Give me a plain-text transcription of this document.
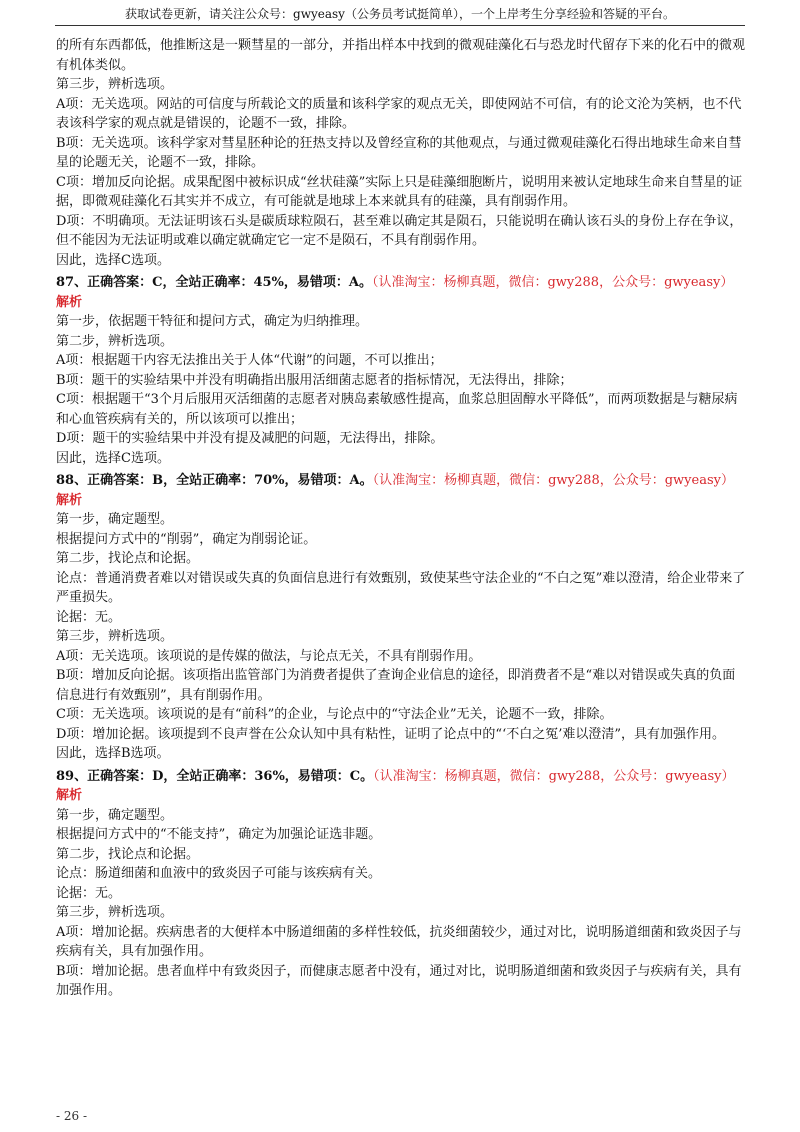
获取试卷更新，请关注公众号：gwyeasy（公务员考试挺简单），一个上岸考生分享经验和答疑的平台。

的所有东西都低，他推断这是一颗彗星的一部分，并指出样本中找到的微观硅藻化石与恐龙时代留存下来的化石中的微观有机体类似。

第三步，辨析选项。

A项：无关选项。网站的可信度与所载论文的质量和该科学家的观点无关，即使网站不可信，有的论文沦为笑柄，也不代表该科学家的观点就是错误的，论题不一致，排除。

B项：无关选项。该科学家对彗星胚种论的狂热支持以及曾经宣称的其他观点，与通过微观硅藻化石得出地球生命来自彗星的论题无关，论题不一致，排除。

C项：增加反向论据。成果配图中被标识成“丝状硅藻”实际上只是硅藻细胞断片，说明用来被认定地球生命来自彗星的证据，即微观硅藻化石其实并不成立，有可能就是地球上本来就具有的硅藻，具有削弱作用。

D项：不明确项。无法证明该石头是碳质球粒陨石，甚至难以确定其是陨石，只能说明在确认该石头的身份上存在争议，但不能因为无法证明或难以确定就确定它一定不是陨石，不具有削弱作用。

因此，选择C选项。

87、正确答案：C，全站正确率：45%，易错项：A。（认准淘宝：杨柳真题，微信：gwy288，公众号：gwyeasy）

解析

第一步，依据题干特征和提问方式，确定为归纳推理。

第二步，辨析选项。

A项：根据题干内容无法推出关于人体“代谢”的问题，不可以推出；

B项：题干的实验结果中并没有明确指出服用活细菌志愿者的指标情况，无法得出，排除；

C项：根据题干“3个月后服用灭活细菌的志愿者对胰岛素敏感性提高，血浆总胆固醇水平降低”，而两项数据是与糖尿病和心血管疾病有关的，所以该项可以推出；

D项：题干的实验结果中并没有提及减肥的问题，无法得出，排除。

因此，选择C选项。

88、正确答案：B，全站正确率：70%，易错项：A。（认准淘宝：杨柳真题，微信：gwy288，公众号：gwyeasy）

解析

第一步，确定题型。

根据提问方式中的“削弱”，确定为削弱论证。

第二步，找论点和论据。

论点：普通消费者难以对错误或失真的负面信息进行有效甄别，致使某些守法企业的“不白之冤”难以澄清，给企业带来了严重损失。

论据：无。

第三步，辨析选项。

A项：无关选项。该项说的是传媒的做法，与论点无关，不具有削弱作用。

B项：增加反向论据。该项指出监管部门为消费者提供了查询企业信息的途径，即消费者不是“难以对错误或失真的负面信息进行有效甄别”，具有削弱作用。

C项：无关选项。该项说的是有“前科”的企业，与论点中的“守法企业”无关，论题不一致，排除。

D项：增加论据。该项提到不良声誉在公众认知中具有粘性，证明了论点中的“‘不白之冤’难以澄清”，具有加强作用。

因此，选择B选项。

89、正确答案：D，全站正确率：36%，易错项：C。（认准淘宝：杨柳真题，微信：gwy288，公众号：gwyeasy）

解析

第一步，确定题型。

根据提问方式中的“不能支持”，确定为加强论证选非题。

第二步，找论点和论据。

论点：肠道细菌和血液中的致炎因子可能与该疾病有关。

论据：无。

第三步，辨析选项。

A项：增加论据。疾病患者的大便样本中肠道细菌的多样性较低，抗炎细菌较少，通过对比，说明肠道细菌和致炎因子与疾病有关，具有加强作用。

B项：增加论据。患者血样中有致炎因子，而健康志愿者中没有，通过对比，说明肠道细菌和致炎因子与疾病有关，具有加强作用。

- 26 -
